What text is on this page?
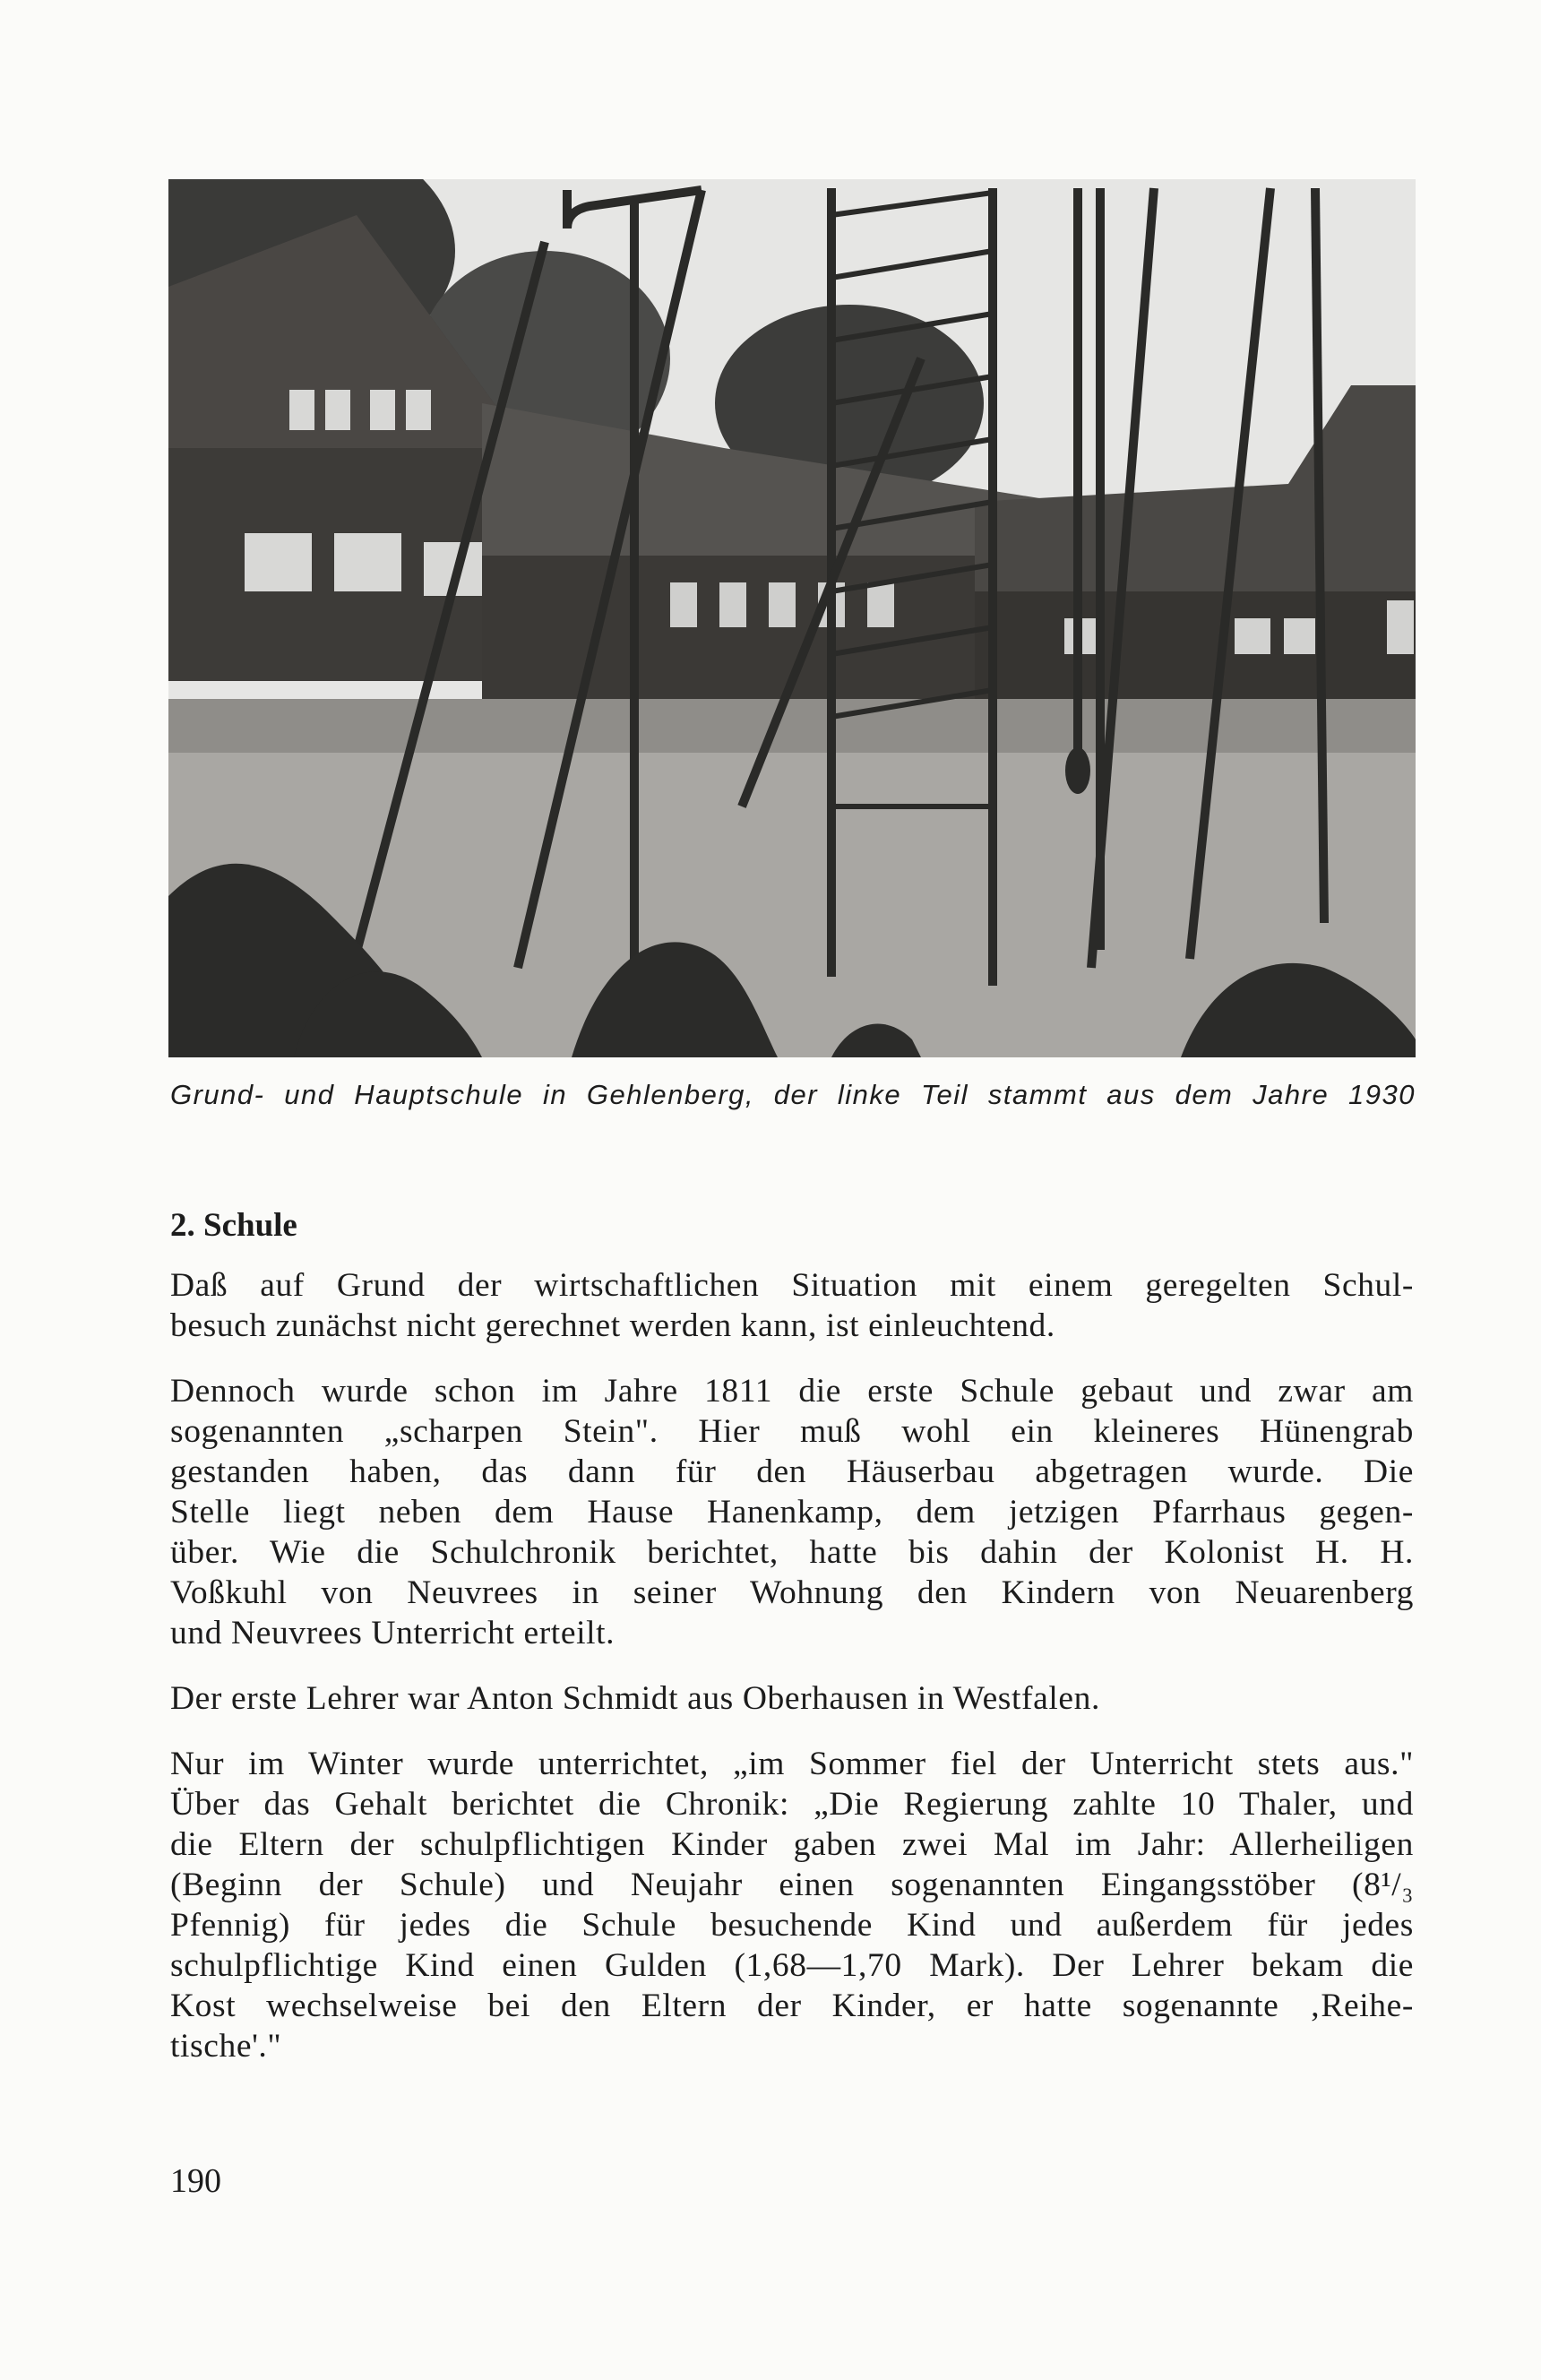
Grund- und Hauptschule in Gehlenberg, der linke Teil stammt aus dem Jahre 1930
2. Schule

Daß auf Grund der wirtschaftlichen Situation mit einem geregelten Schul-
besuch zunächst nicht gerechnet werden kann, ist einleuchtend.

Dennoch wurde schon im Jahre 1811 die erste Schule gebaut und zwar am
sogenannten „scharpen Stein". Hier muß wohl ein kleineres Hünengrab
gestanden haben, das dann für den Häuserbau abgetragen wurde. Die
Stelle liegt neben dem Hause Hanenkamp, dem jetzigen Pfarrhaus gegen-
über. Wie die Schulchronik berichtet, hatte bis dahin der Kolonist H. H.
Voßkuhl von Neuvrees in seiner Wohnung den Kindern von Neuarenberg
und Neuvrees Unterricht erteilt.

Der erste Lehrer war Anton Schmidt aus Oberhausen in Westfalen.

Nur im Winter wurde unterrichtet, „im Sommer fiel der Unterricht stets aus."
Über das Gehalt berichtet die Chronik: „Die Regierung zahlte 10 Thaler, und
die Eltern der schulpflichtigen Kinder gaben zwei Mal im Jahr: Allerheiligen
(Beginn der Schule) und Neujahr einen sogenannten Eingangsstöber (8¹/₃
Pfennig) für jedes die Schule besuchende Kind und außerdem für jedes
schulpflichtige Kind einen Gulden (1,68—1,70 Mark). Der Lehrer bekam die
Kost wechselweise bei den Eltern der Kinder, er hatte sogenannte ‚Reihe-
tische'."

190
